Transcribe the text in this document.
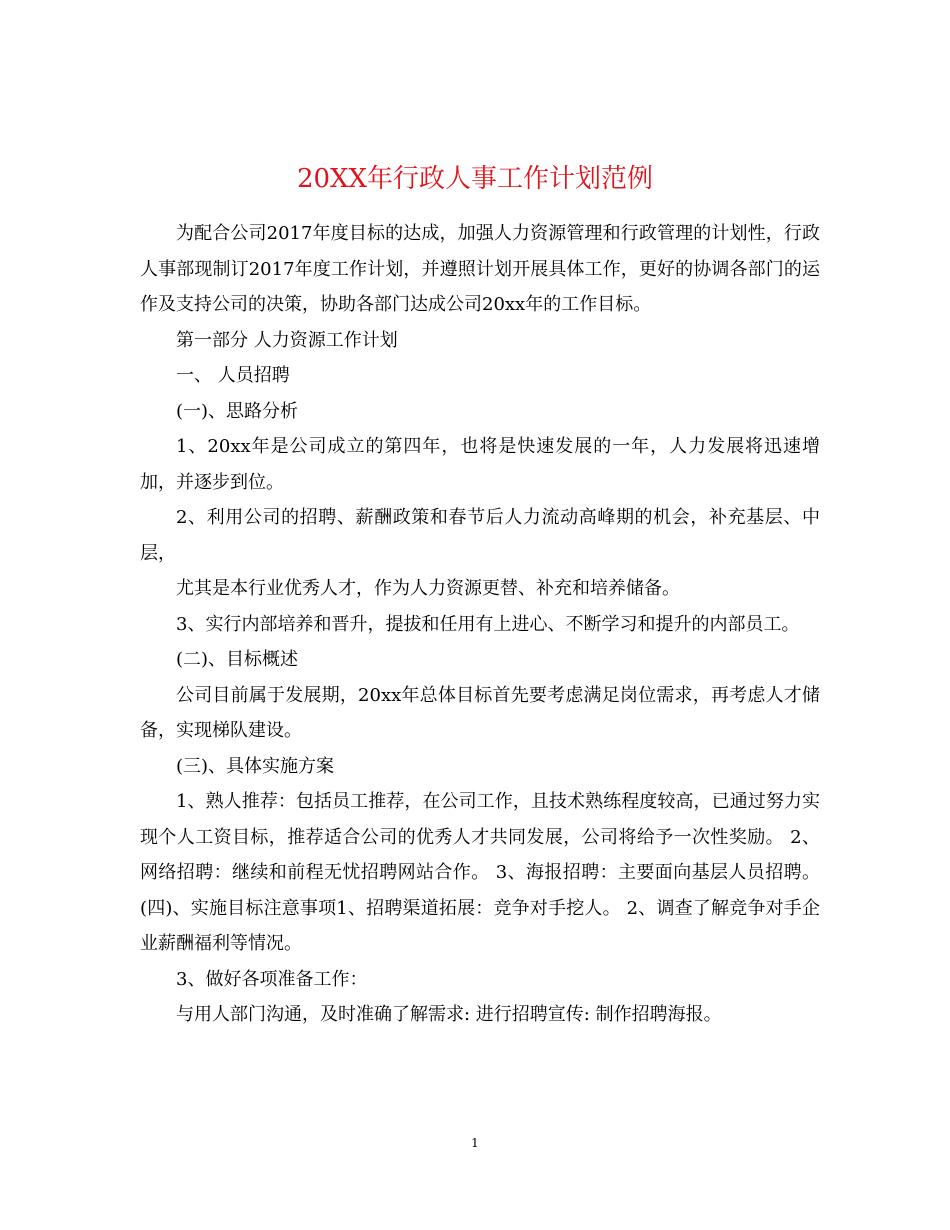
20XX年行政人事工作计划范例

为配合公司2017年度目标的达成，加强人力资源管理和行政管理的计划性，行政人事部现制订2017年度工作计划，并遵照计划开展具体工作，更好的协调各部门的运作及支持公司的决策，协助各部门达成公司20xx年的工作目标。

第一部分 人力资源工作计划

一、 人员招聘

(一)、思路分析

1、20xx年是公司成立的第四年，也将是快速发展的一年，人力发展将迅速增加，并逐步到位。

2、利用公司的招聘、薪酬政策和春节后人力流动高峰期的机会，补充基层、中层，

尤其是本行业优秀人才，作为人力资源更替、补充和培养储备。

3、实行内部培养和晋升，提拔和任用有上进心、不断学习和提升的内部员工。

(二)、目标概述

公司目前属于发展期，20xx年总体目标首先要考虑满足岗位需求，再考虑人才储备，实现梯队建设。

(三)、具体实施方案

1、熟人推荐：包括员工推荐，在公司工作，且技术熟练程度较高，已通过努力实现个人工资目标，推荐适合公司的优秀人才共同发展，公司将给予一次性奖励。 2、网络招聘：继续和前程无忧招聘网站合作。 3、海报招聘：主要面向基层人员招聘。 (四)、实施目标注意事项1、招聘渠道拓展：竞争对手挖人。 2、调查了解竞争对手企业薪酬福利等情况。

3、做好各项准备工作：

与用人部门沟通，及时准确了解需求: 进行招聘宣传: 制作招聘海报。

1
